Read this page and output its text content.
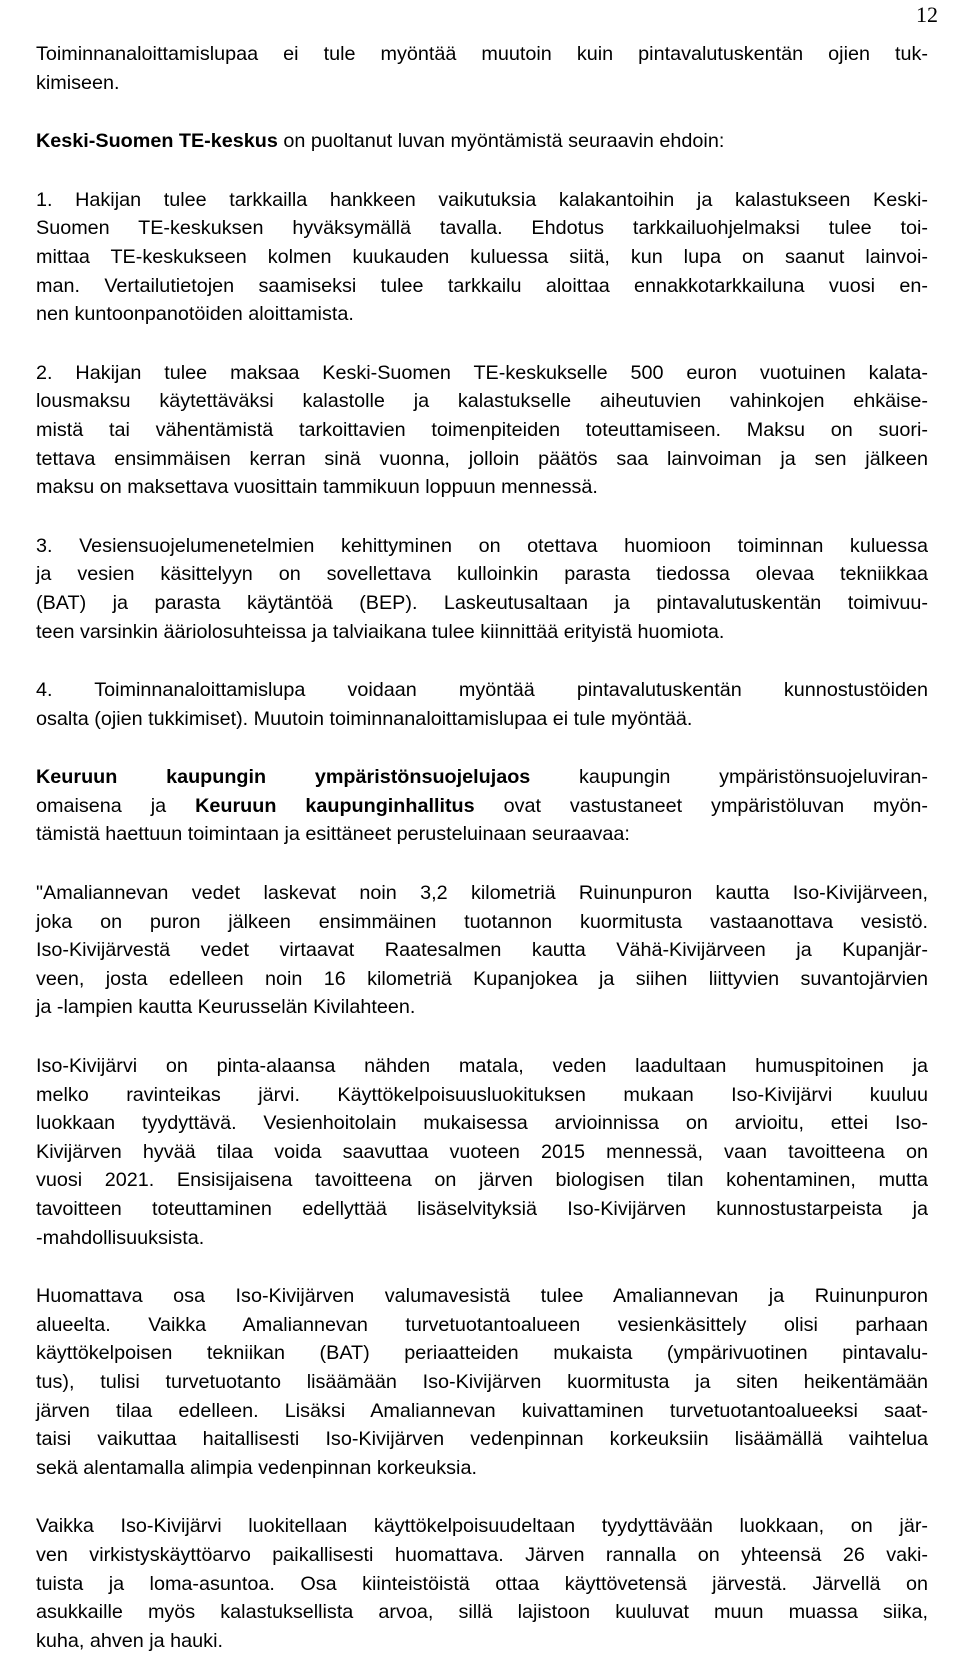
12

Toiminnanaloittamislupaa ei tule myöntää muutoin kuin pintavalutuskentän ojien tuk-
kimiseen.

Keski-Suomen TE-keskus on puoltanut luvan myöntämistä seuraavin ehdoin:

1. Hakijan tulee tarkkailla hankkeen vaikutuksia kalakantoihin ja kalastukseen Keski-
Suomen TE-keskuksen hyväksymällä tavalla. Ehdotus tarkkailuohjelmaksi tulee toi-
mittaa TE-keskukseen kolmen kuukauden kuluessa siitä, kun lupa on saanut lainvoi-
man. Vertailutietojen saamiseksi tulee tarkkailu aloittaa ennakkotarkkailuna vuosi en-
nen kuntoonpanotöiden aloittamista.

2. Hakijan tulee maksaa Keski-Suomen TE-keskukselle 500 euron vuotuinen kalata-
lousmaksu käytettäväksi kalastolle ja kalastukselle aiheutuvien vahinkojen ehkäise-
mistä tai vähentämistä tarkoittavien toimenpiteiden toteuttamiseen. Maksu on suori-
tettava ensimmäisen kerran sinä vuonna, jolloin päätös saa lainvoiman ja sen jälkeen
maksu on maksettava vuosittain tammikuun loppuun mennessä.

3. Vesiensuojelumenetelmien kehittyminen on otettava huomioon toiminnan kuluessa
ja vesien käsittelyyn on sovellettava kulloinkin parasta tiedossa olevaa tekniikkaa
(BAT) ja parasta käytäntöä (BEP). Laskeutusaltaan ja pintavalutuskentän toimivuu-
teen varsinkin ääriolosuhteissa ja talviaikana tulee kiinnittää erityistä huomiota.

4. Toiminnanaloittamislupa voidaan myöntää pintavalutuskentän kunnostustöiden
osalta (ojien tukkimiset). Muutoin toiminnanaloittamislupaa ei tule myöntää.

Keuruun kaupungin ympäristönsuojelujaos kaupungin ympäristönsuojeluviran-
omaisena ja Keuruun kaupunginhallitus ovat vastustaneet ympäristöluvan myön-
tämistä haettuun toimintaan ja esittäneet perusteluinaan seuraavaa:

"Amaliannevan vedet laskevat noin 3,2 kilometriä Ruinunpuron kautta Iso-Kivijärveen,
joka on puron jälkeen ensimmäinen tuotannon kuormitusta vastaanottava vesistö.
Iso-Kivijärvestä vedet virtaavat Raatesalmen kautta Vähä-Kivijärveen ja Kupanjär-
veen, josta edelleen noin 16 kilometriä Kupanjokea ja siihen liittyvien suvantojärvien
ja -lampien kautta Keurusselän Kivilahteen.

Iso-Kivijärvi on pinta-alaansa nähden matala, veden laadultaan humuspitoinen ja
melko ravinteikas järvi. Käyttökelpoisuusluokituksen mukaan Iso-Kivijärvi kuuluu
luokkaan tyydyttävä. Vesienhoitolain mukaisessa arvioinnissa on arvioitu, ettei Iso-
Kivijärven hyvää tilaa voida saavuttaa vuoteen 2015 mennessä, vaan tavoitteena on
vuosi 2021. Ensisijaisena tavoitteena on järven biologisen tilan kohentaminen, mutta
tavoitteen toteuttaminen edellyttää lisäselvityksiä Iso-Kivijärven kunnostustarpeista ja
-mahdollisuuksista.

Huomattava osa Iso-Kivijärven valumavesistä tulee Amaliannevan ja Ruinunpuron
alueelta. Vaikka Amaliannevan turvetuotantoalueen vesienkäsittely olisi parhaan
käyttökelpoisen tekniikan (BAT) periaatteiden mukaista (ympärivuotinen pintavalu-
tus), tulisi turvetuotanto lisäämään Iso-Kivijärven kuormitusta ja siten heikentämään
järven tilaa edelleen. Lisäksi Amaliannevan kuivattaminen turvetuotantoalueeksi saat-
taisi vaikuttaa haitallisesti Iso-Kivijärven vedenpinnan korkeuksiin lisäämällä vaihtelua
sekä alentamalla alimpia vedenpinnan korkeuksia.

Vaikka Iso-Kivijärvi luokitellaan käyttökelpoisuudeltaan tyydyttävään luokkaan, on jär-
ven virkistyskäyttöarvo paikallisesti huomattava. Järven rannalla on yhteensä 26 vaki-
tuista ja loma-asuntoa. Osa kiinteistöistä ottaa käyttövetensä järvestä. Järvellä on
asukkaille myös kalastuksellista arvoa, sillä lajistoon kuuluvat muun muassa siika,
kuha, ahven ja hauki.
